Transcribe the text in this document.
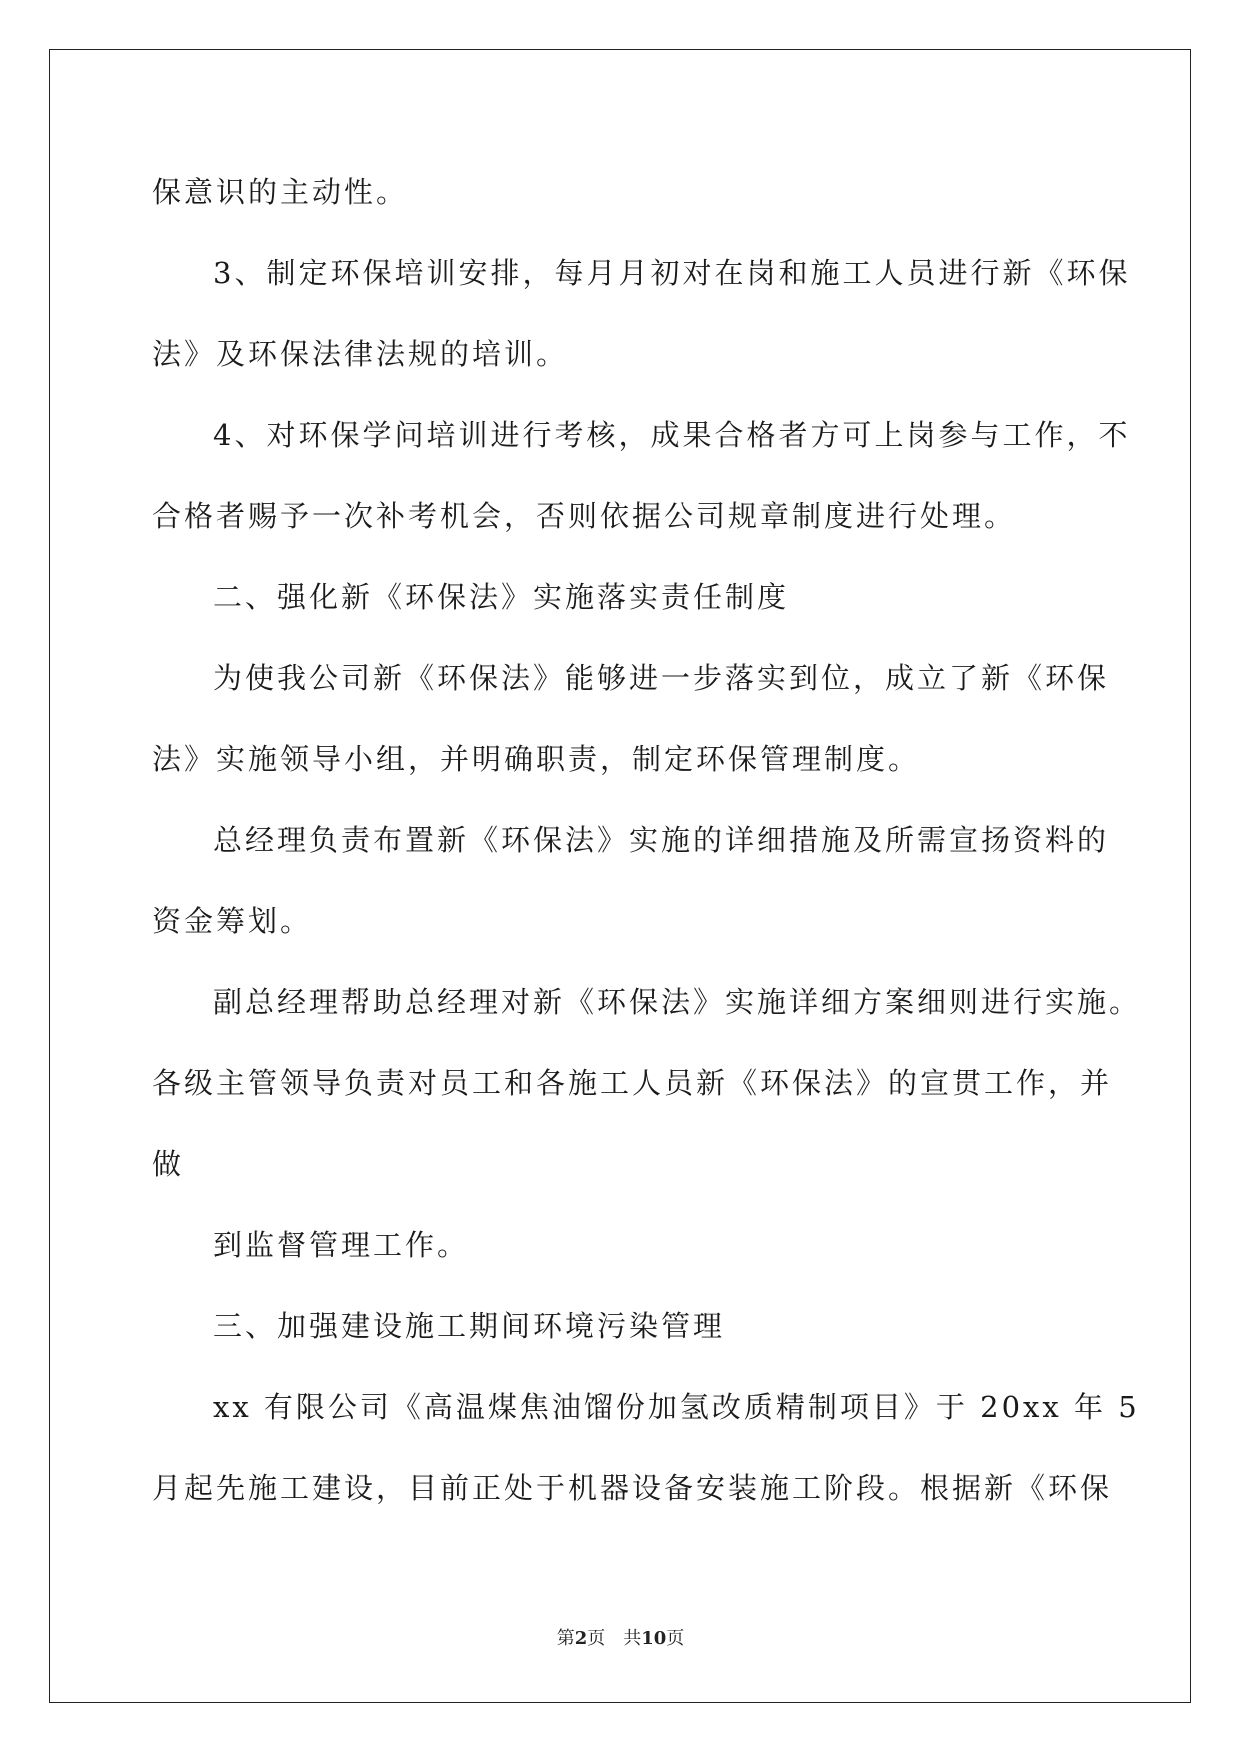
保意识的主动性。
3、制定环保培训安排，每月月初对在岗和施工人员进行新《环保
法》及环保法律法规的培训。
4、对环保学问培训进行考核，成果合格者方可上岗参与工作，不
合格者赐予一次补考机会，否则依据公司规章制度进行处理。
二、强化新《环保法》实施落实责任制度
为使我公司新《环保法》能够进一步落实到位，成立了新《环保
法》实施领导小组，并明确职责，制定环保管理制度。
总经理负责布置新《环保法》实施的详细措施及所需宣扬资料的
资金筹划。
副总经理帮助总经理对新《环保法》实施详细方案细则进行实施。
各级主管领导负责对员工和各施工人员新《环保法》的宣贯工作，并
做
到监督管理工作。
三、加强建设施工期间环境污染管理
xx 有限公司《高温煤焦油馏份加氢改质精制项目》于 20xx 年 5
月起先施工建设，目前正处于机器设备安装施工阶段。根据新《环保
第2页　共10页
